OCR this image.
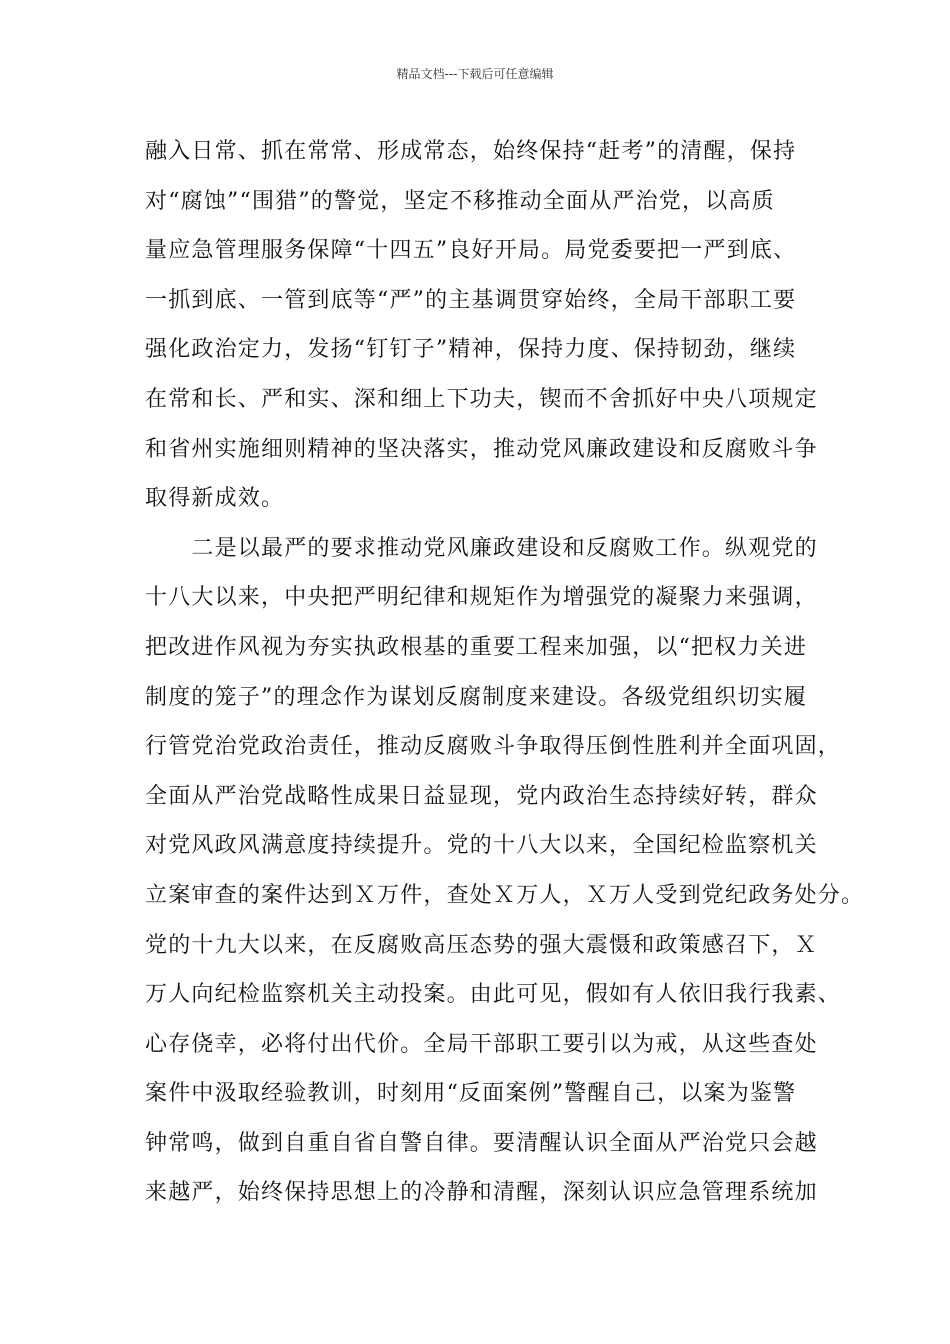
精品文档---下载后可任意编辑
融入日常、抓在常常、形成常态，始终保持“赶考”的清醒，保持
对“腐蚀”“围猎”的警觉，坚定不移推动全面从严治党，以高质
量应急管理服务保障“十四五”良好开局。局党委要把一严到底、
一抓到底、一管到底等“严”的主基调贯穿始终，全局干部职工要
强化政治定力，发扬“钉钉子”精神，保持力度、保持韧劲，继续
在常和长、严和实、深和细上下功夫，锲而不舍抓好中央八项规定
和省州实施细则精神的坚决落实，推动党风廉政建设和反腐败斗争
取得新成效。
　　二是以最严的要求推动党风廉政建设和反腐败工作。纵观党的
十八大以来，中央把严明纪律和规矩作为增强党的凝聚力来强调，
把改进作风视为夯实执政根基的重要工程来加强，以“把权力关进
制度的笼子”的理念作为谋划反腐制度来建设。各级党组织切实履
行管党治党政治责任，推动反腐败斗争取得压倒性胜利并全面巩固，
全面从严治党战略性成果日益显现，党内政治生态持续好转，群众
对党风政风满意度持续提升。党的十八大以来，全国纪检监察机关
立案审查的案件达到Ｘ万件，查处Ｘ万人，Ｘ万人受到党纪政务处分。
党的十九大以来，在反腐败高压态势的强大震慑和政策感召下，Ｘ
万人向纪检监察机关主动投案。由此可见，假如有人依旧我行我素、
心存侥幸，必将付出代价。全局干部职工要引以为戒，从这些查处
案件中汲取经验教训，时刻用“反面案例”警醒自己，以案为鉴警
钟常鸣，做到自重自省自警自律。要清醒认识全面从严治党只会越
来越严，始终保持思想上的冷静和清醒，深刻认识应急管理系统加
